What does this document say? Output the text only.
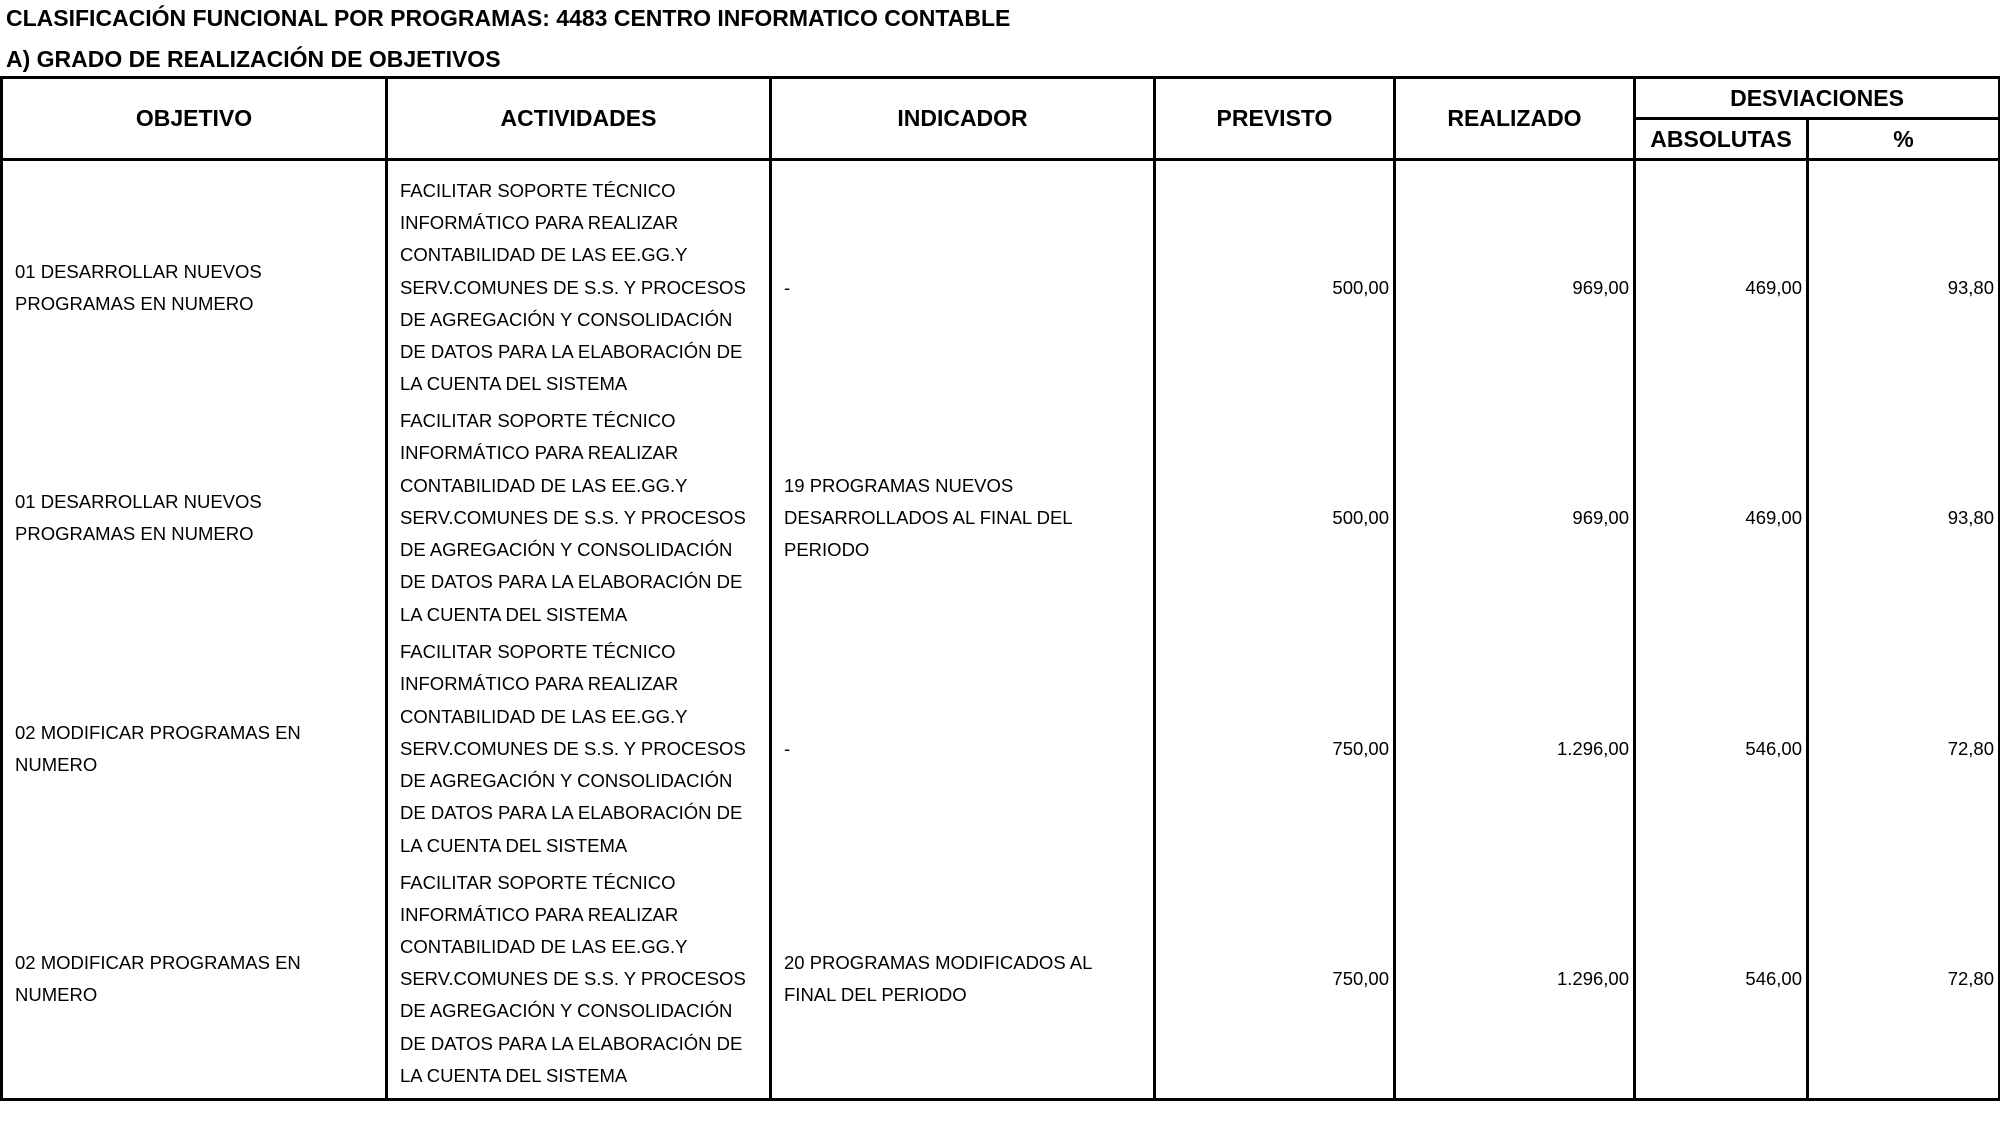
CLASIFICACIÓN FUNCIONAL POR PROGRAMAS: 4483 CENTRO INFORMATICO CONTABLE
A) GRADO DE REALIZACIÓN DE OBJETIVOS
OBJETIVO	ACTIVIDADES	INDICADOR	PREVISTO	REALIZADO	DESVIACIONES	
					ABSOLUTAS	%
01 DESARROLLAR NUEVOS PROGRAMAS EN NUMERO	FACILITAR SOPORTE TÉCNICO INFORMÁTICO PARA REALIZAR CONTABILIDAD DE LAS EE.GG.Y SERV.COMUNES DE S.S. Y PROCESOS DE AGREGACIÓN Y CONSOLIDACIÓN DE DATOS PARA LA ELABORACIÓN DE LA CUENTA DEL SISTEMA	-	500,00	969,00	469,00	93,80
01 DESARROLLAR NUEVOS PROGRAMAS EN NUMERO	FACILITAR SOPORTE TÉCNICO INFORMÁTICO PARA REALIZAR CONTABILIDAD DE LAS EE.GG.Y SERV.COMUNES DE S.S. Y PROCESOS DE AGREGACIÓN Y CONSOLIDACIÓN DE DATOS PARA LA ELABORACIÓN DE LA CUENTA DEL SISTEMA	19 PROGRAMAS NUEVOS DESARROLLADOS AL FINAL DEL PERIODO	500,00	969,00	469,00	93,80
02 MODIFICAR PROGRAMAS EN NUMERO	FACILITAR SOPORTE TÉCNICO INFORMÁTICO PARA REALIZAR CONTABILIDAD DE LAS EE.GG.Y SERV.COMUNES DE S.S. Y PROCESOS DE AGREGACIÓN Y CONSOLIDACIÓN DE DATOS PARA LA ELABORACIÓN DE LA CUENTA DEL SISTEMA	-	750,00	1.296,00	546,00	72,80
02 MODIFICAR PROGRAMAS EN NUMERO	FACILITAR SOPORTE TÉCNICO INFORMÁTICO PARA REALIZAR CONTABILIDAD DE LAS EE.GG.Y SERV.COMUNES DE S.S. Y PROCESOS DE AGREGACIÓN Y CONSOLIDACIÓN DE DATOS PARA LA ELABORACIÓN DE LA CUENTA DEL SISTEMA	20 PROGRAMAS MODIFICADOS AL FINAL DEL PERIODO	750,00	1.296,00	546,00	72,80
